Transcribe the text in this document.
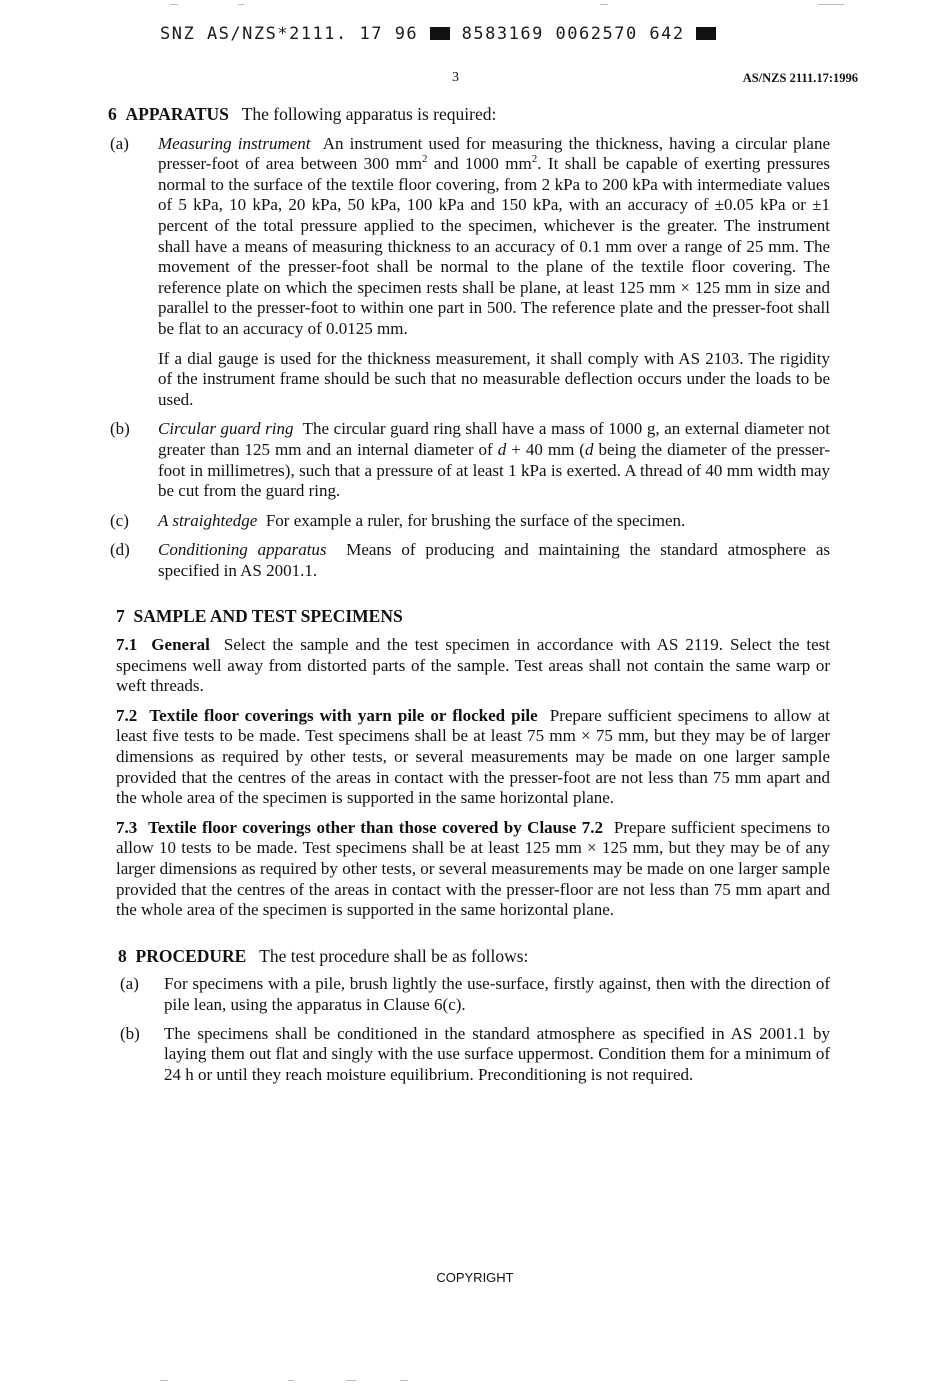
SNZ AS/NZS*2111. 17 96	8583169 0062570 642
3	AS/NZS 2111.17:1996

6 APPARATUS The following apparatus is required:

(a) Measuring instrument An instrument used for measuring the thickness, having a circular plane presser-foot of area between 300 $mm^2$ and 1000 $mm^2$. It shall be capable of exerting pressures normal to the surface of the textile floor covering, from 2 kPa to 200 kPa with intermediate values of 5 kPa, 10 kPa, 20 kPa, 50 kPa, 100 kPa and 150 kPa, with an accuracy of ±0.05 kPa or ±1 percent of the total pressure applied to the specimen, whichever is the greater. The instrument shall have a means of measuring thickness to an accuracy of 0.1 mm over a range of 25 mm. The movement of the presser-foot shall be normal to the plane of the textile floor covering. The reference plate on which the specimen rests shall be plane, at least 125 mm × 125 mm in size and parallel to the presser-foot to within one part in 500. The reference plate and the presser-foot shall be flat to an accuracy of 0.0125 mm.

If a dial gauge is used for the thickness measurement, it shall comply with AS 2103. The rigidity of the instrument frame should be such that no measurable deflection occurs under the loads to be used.

(b) Circular guard ring The circular guard ring shall have a mass of 1000 g, an external diameter not greater than 125 mm and an internal diameter of d + 40 mm (d being the diameter of the presser-foot in millimetres), such that a pressure of at least 1 kPa is exerted. A thread of 40 mm width may be cut from the guard ring.

(c) A straightedge For example a ruler, for brushing the surface of the specimen.

(d) Conditioning apparatus Means of producing and maintaining the standard atmosphere as specified in AS 2001.1.

7 SAMPLE AND TEST SPECIMENS

7.1 General Select the sample and the test specimen in accordance with AS 2119. Select the test specimens well away from distorted parts of the sample. Test areas shall not contain the same warp or weft threads.

7.2 Textile floor coverings with yarn pile or flocked pile Prepare sufficient specimens to allow at least five tests to be made. Test specimens shall be at least 75 mm × 75 mm, but they may be of larger dimensions as required by other tests, or several measurements may be made on one larger sample provided that the centres of the areas in contact with the presser-foot are not less than 75 mm apart and the whole area of the specimen is supported in the same horizontal plane.

7.3 Textile floor coverings other than those covered by Clause 7.2 Prepare sufficient specimens to allow 10 tests to be made. Test specimens shall be at least 125 mm × 125 mm, but they may be of any larger dimensions as required by other tests, or several measurements may be made on one larger sample provided that the centres of the areas in contact with the presser-floor are not less than 75 mm apart and the whole area of the specimen is supported in the same horizontal plane.

8 PROCEDURE The test procedure shall be as follows:

(a) For specimens with a pile, brush lightly the use-surface, firstly against, then with the direction of pile lean, using the apparatus in Clause 6(c).

(b) The specimens shall be conditioned in the standard atmosphere as specified in AS 2001.1 by laying them out flat and singly with the use surface uppermost. Condition them for a minimum of 24 h or until they reach moisture equilibrium. Preconditioning is not required.

COPYRIGHT
